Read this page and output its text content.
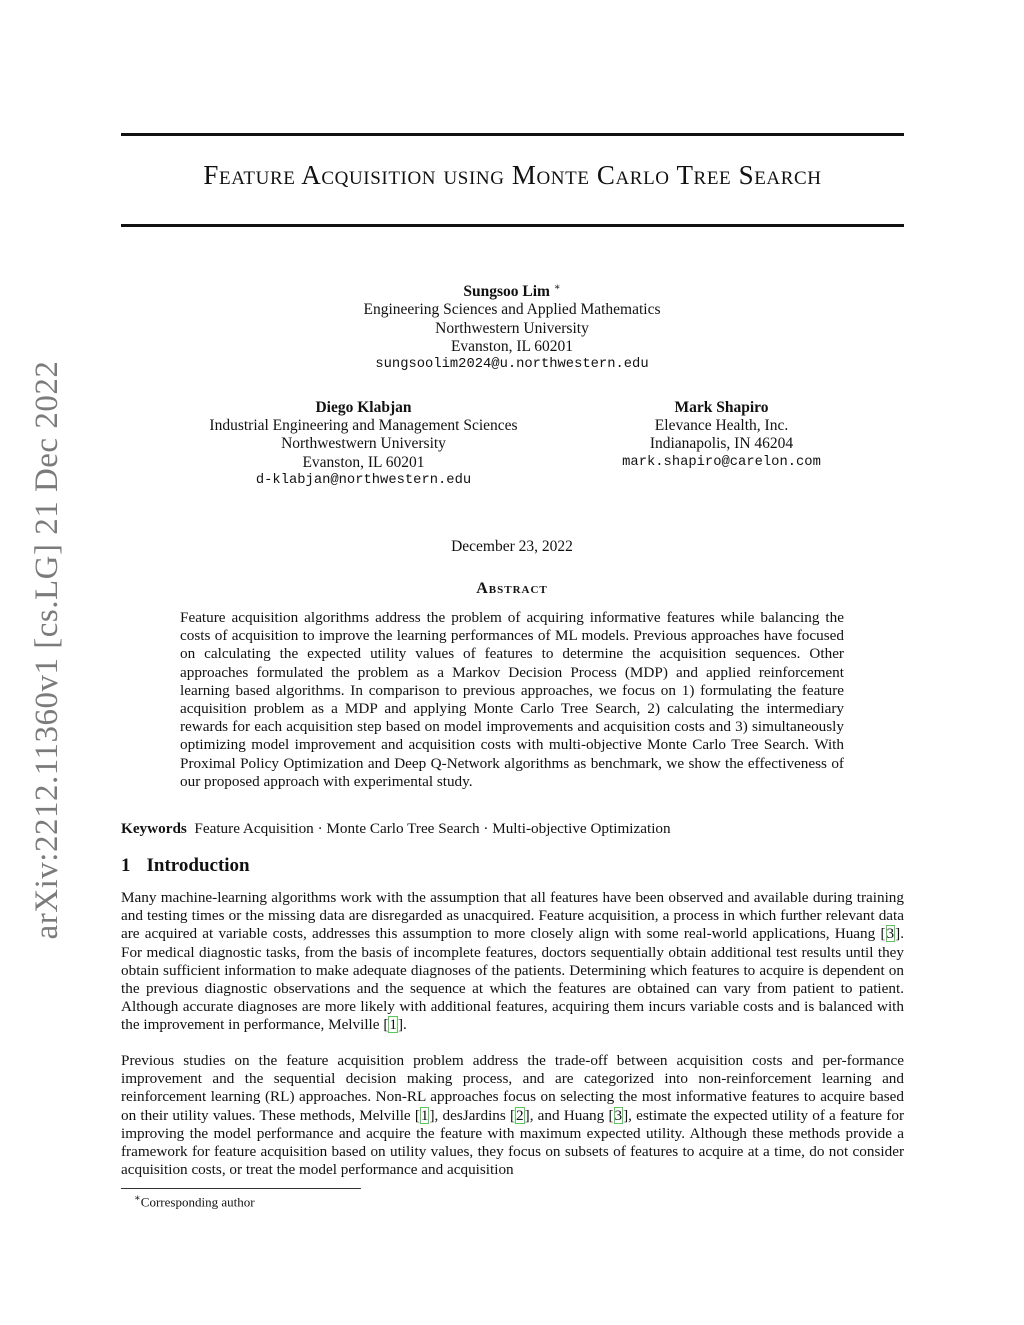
arXiv:2212.11360v1 [cs.LG] 21 Dec 2022
Feature Acquisition using Monte Carlo Tree Search
Sungsoo Lim ∗
Engineering Sciences and Applied Mathematics
Northwestern University
Evanston, IL 60201
sungsoolim2024@u.northwestern.edu
Diego Klabjan
Industrial Engineering and Management Sciences
Northwestwern University
Evanston, IL 60201
d-klabjan@northwestern.edu
Mark Shapiro
Elevance Health, Inc.
Indianapolis, IN 46204
mark.shapiro@carelon.com
December 23, 2022
Abstract
Feature acquisition algorithms address the problem of acquiring informative features while balancing the costs of acquisition to improve the learning performances of ML models. Previous approaches have focused on calculating the expected utility values of features to determine the acquisition sequences. Other approaches formulated the problem as a Markov Decision Process (MDP) and applied reinforcement learning based algorithms. In comparison to previous approaches, we focus on 1) formulating the feature acquisition problem as a MDP and applying Monte Carlo Tree Search, 2) calculating the intermediary rewards for each acquisition step based on model improvements and acquisition costs and 3) simultaneously optimizing model improvement and acquisition costs with multi-objective Monte Carlo Tree Search. With Proximal Policy Optimization and Deep Q-Network algorithms as benchmark, we show the effectiveness of our proposed approach with experimental study.
Keywords Feature Acquisition · Monte Carlo Tree Search · Multi-objective Optimization
1 Introduction
Many machine-learning algorithms work with the assumption that all features have been observed and available during training and testing times or the missing data are disregarded as unacquired. Feature acquisition, a process in which further relevant data are acquired at variable costs, addresses this assumption to more closely align with some real-world applications, Huang [3]. For medical diagnostic tasks, from the basis of incomplete features, doctors sequentially obtain additional test results until they obtain sufficient information to make adequate diagnoses of the patients. Determining which features to acquire is dependent on the previous diagnostic observations and the sequence at which the features are obtained can vary from patient to patient. Although accurate diagnoses are more likely with additional features, acquiring them incurs variable costs and is balanced with the improvement in performance, Melville [1].
Previous studies on the feature acquisition problem address the trade-off between acquisition costs and per-formance improvement and the sequential decision making process, and are categorized into non-reinforcement learning and reinforcement learning (RL) approaches. Non-RL approaches focus on selecting the most informative features to acquire based on their utility values. These methods, Melville [1], desJardins [2], and Huang [3], estimate the expected utility of a feature for improving the model performance and acquire the feature with maximum expected utility. Although these methods provide a framework for feature acquisition based on utility values, they focus on subsets of features to acquire at a time, do not consider acquisition costs, or treat the model performance and acquisition
∗Corresponding author
